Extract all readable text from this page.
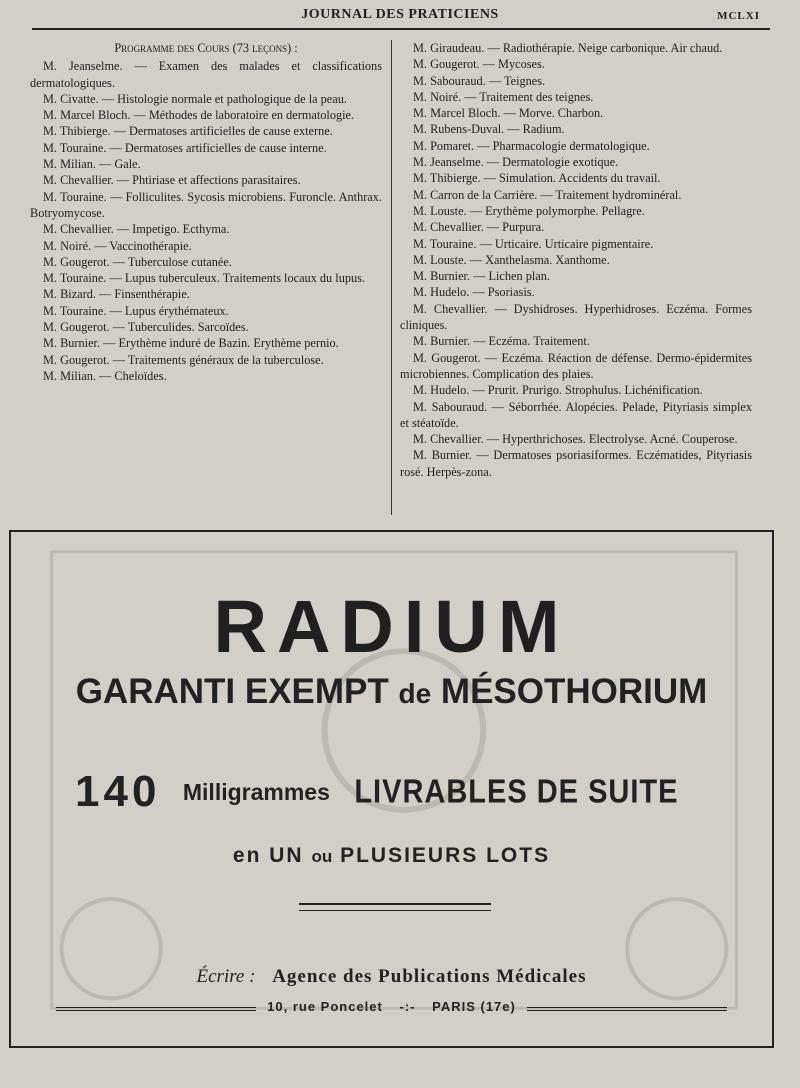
JOURNAL DES PRATICIENS	MCLXI
Programme des Cours (73 leçons) :
M. Jeanselme. — Examen des malades et classifications dermatologiques.
M. Civatte. — Histologie normale et pathologique de la peau.
M. Marcel Bloch. — Méthodes de laboratoire en dermatologie.
M. Thibierge. — Dermatoses artificielles de cause externe.
M. Touraine. — Dermatoses artificielles de cause interne.
M. Milian. — Gale.
M. Chevallier. — Phtiriase et affections parasitaires.
M. Touraine. — Folliculites. Sycosis microbiens. Furoncle. Anthrax. Botryomycose.
M. Chevallier. — Impetigo. Ecthyma.
M. Noiré. — Vaccinothérapie.
M. Gougerot. — Tuberculose cutanée.
M. Touraine. — Lupus tuberculeux. Traitements locaux du lupus.
M. Bizard. — Finsenthérapie.
M. Touraine. — Lupus érythémateux.
M. Gougerot. — Tuberculides. Sarcoïdes.
M. Burnier. — Erythème induré de Bazin. Erythème pernio.
M. Gougerot. — Traitements généraux de la tuberculose.
M. Milian. — Cheloïdes.
M. Giraudeau. — Radiothérapie. Neige carbonique. Air chaud.
M. Gougerot. — Mycoses.
M. Sabouraud. — Teignes.
M. Noiré. — Traitement des teignes.
M. Marcel Bloch. — Morve. Charbon.
M. Rubens-Duval. — Radium.
M. Pomaret. — Pharmacologie dermatologique.
M. Jeanselme. — Dermatologie exotique.
M. Thibierge. — Simulation. Accidents du travail.
M. Carron de la Carrière. — Traitement hydrominéral.
M. Louste. — Erythème polymorphe. Pellagre.
M. Chevallier. — Purpura.
M. Touraine. — Urticaire. Urticaire pigmentaire.
M. Louste. — Xanthelasma. Xanthome.
M. Burnier. — Lichen plan.
M. Hudelo. — Psoriasis.
M. Chevallier. — Dyshidroses. Hyperhidroses. Eczéma. Formes cliniques.
M. Burnier. — Eczéma. Traitement.
M. Gougerot. — Eczéma. Réaction de défense. Dermo-épidermites microbiennes. Complication des plaies.
M. Hudelo. — Prurit. Prurigo. Strophulus. Lichénification.
M. Sabouraud. — Séborrhée. Alopécies. Pelade, Pityriasis simplex et stéatoïde.
M. Chevallier. — Hyperthrichoses. Electrolyse. Acné. Couperose.
M. Burnier. — Dermatoses psoriasiformes. Eczématides, Pityriasis rosé. Herpès-zona.
RADIUM
GARANTI EXEMPT de MÉSOTHORIUM
140 Milligrammes LIVRABLES DE SUITE
en UN ou PLUSIEURS LOTS
Écrire : Agence des Publications Médicales
10, rue Poncelet -:- PARIS (17e)
